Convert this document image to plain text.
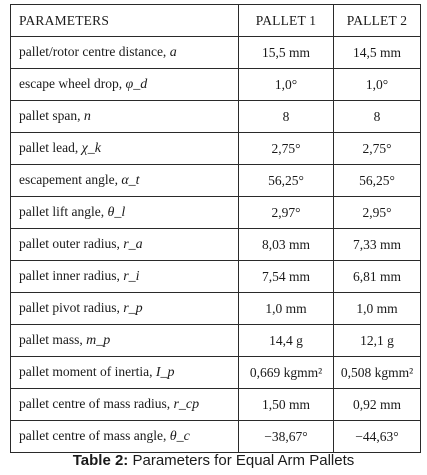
PARAMETERS	PALLET 1	PALLET 2
pallet/rotor centre distance, a	15,5 mm	14,5 mm
escape wheel drop, φ_d	1,0°	1,0°
pallet span, n	8	8
pallet lead, χ_k	2,75°	2,75°
escapement angle, α_t	56,25°	56,25°
pallet lift angle, θ_l	2,97°	2,95°
pallet outer radius, r_a	8,03 mm	7,33 mm
pallet inner radius, r_i	7,54 mm	6,81 mm
pallet pivot radius, r_p	1,0 mm	1,0 mm
pallet mass, m_p	14,4 g	12,1 g
pallet moment of inertia, I_p	0,669 kgmm²	0,508 kgmm²
pallet centre of mass radius, r_cp	1,50 mm	0,92 mm
pallet centre of mass angle, θ_c	−38,67°	−44,63°
Table 2: Parameters for Equal Arm Pallets
